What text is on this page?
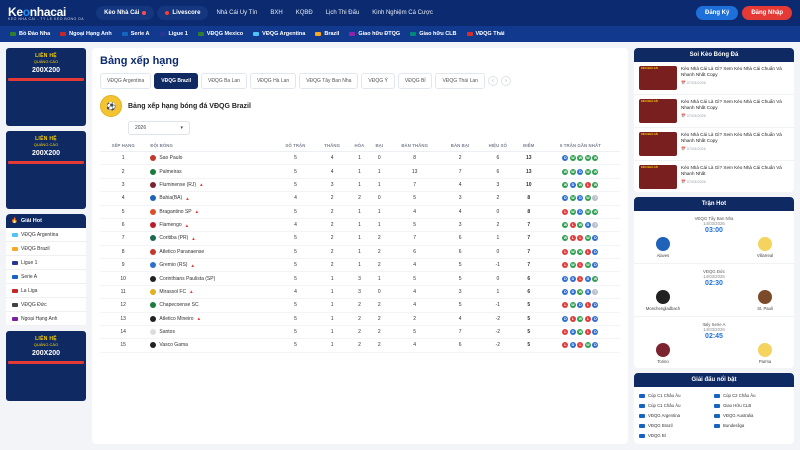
Keonhacai
KEO NHA CAI - TY LE KEO BONG DA
Kèo Nhà Cái	Livescore	Nhà Cái Uy Tín	BXH	KQBĐ	Lịch Thi Đấu	Kinh Nghiệm Cá Cược	Đăng Ký	Đăng Nhập
Bồ Đào Nha	Ngoại Hạng Anh	Serie A	Ligue 1	VĐQG Mexico	VĐQG Argentina	Brazil	Giao hữu ĐTQG	Giao hữu CLB	VĐQG Thái
LIÊN HỆ
QUẢNG CÁO
200X200
LIÊN HỆ
QUẢNG CÁO
200X200
🔥 Giải Hot
VĐQG Argentina
VĐQG Brazil
Ligue 1
Serie A
La Liga
VĐQG Đức
Ngoại Hạng Anh
LIÊN HỆ
QUẢNG CÁO
200X200
Bảng xếp hạng
VĐQG Argentina	VĐQG Brazil	VĐQG Ba Lan	VĐQG Hà Lan	VĐQG Tây Ban Nha	VĐQG Ý	VĐQG Bỉ	VĐQG Thái Lan	‹	›
⚽	Bảng xếp hạng bóng đá VĐQG Brazil
2026	▾
XẾP HẠNG	ĐỘI BÓNG	SỐ TRẬN	THẮNG	HÒA	BẠI	BÀN THẮNG	BÀN BẠI	HIỆU SỐ	ĐIỂM	5 TRẬN GẦN NHẤT
1	Sao Paulo	5	4	1	0	8	2	6	13	D W W W W

2	Palmeiras	5	4	1	1	13	7	6	13	W W D W W

3	Fluminense (RJ) ▲	5	3	1	1	7	4	3	10	W D W L W

4	Bahia(BA) ▲	4	2	2	0	5	3	2	8	D W D W ?

5	Bragantino SP ▲	5	2	1	1	4	4	0	8	L W D W W

6	Flamengo ▲	4	2	1	1	5	3	2	7	W L W D ?

7	Coritiba (PR) ▲	5	2	1	2	7	6	1	7	W L L W D

8	Atletico Paranaense	5	2	1	2	6	6	0	7	L W W L D

9	Gremio (RS) ▲	5	2	1	2	4	5	-1	7	L W L W D

10	Corinthians Paulista (SP)	5	1	3	1	5	5	0	6	D D L D W

11	Mirassol FC ▲	4	1	3	0	4	3	1	6	D D W D ?

12	Chapecoense SC	5	1	2	2	4	5	-1	5	L W D L D

13	Atletico Mineiro ▲	5	1	2	2	2	4	-2	5	D L W L D

14	Santos	5	1	2	2	5	7	-2	5	L D W L D

15	Vasco Gama	5	1	2	2	4	6	-2	5	L D L W D
Soi Kèo Bóng Đá
KÈO NHÀ CÁI	Kèo Nhà Cái Là Gì? Xem Kèo Nhà Cái Chuẩn Và Nhanh Nhất Copy
📅 07/03/2026
KÈO NHÀ CÁI	Kèo Nhà Cái Là Gì? Xem Kèo Nhà Cái Chuẩn Và Nhanh Nhất Copy
📅 07/03/2026
KÈO NHÀ CÁI	Kèo Nhà Cái Là Gì? Xem Kèo Nhà Cái Chuẩn Và Nhanh Nhất Copy
📅 07/03/2026
KÈO NHÀ CÁI	Kèo Nhà Cái Là Gì? Xem Kèo Nhà Cái Chuẩn Và Nhanh Nhất
📅 07/03/2026
Trận Hot
VĐQG Tây Ban Nha
14/03/2026
03:00
Alaves	Villarreal
VĐQG Đức
14/03/2026
02:30
Monchengladbach	St. Pauli
Italy Serie A
14/03/2026
02:45
Torino	Parma
Giải đấu nổi bật
Cúp C1 Châu Âu	Cúp C2 Châu Âu
Cúp C1 Châu Âu	Giao Hữu CLB
VĐQG Argentina	VĐQG Australia
VĐQG Brazil	Bundesliga
VĐQG Bỉ
